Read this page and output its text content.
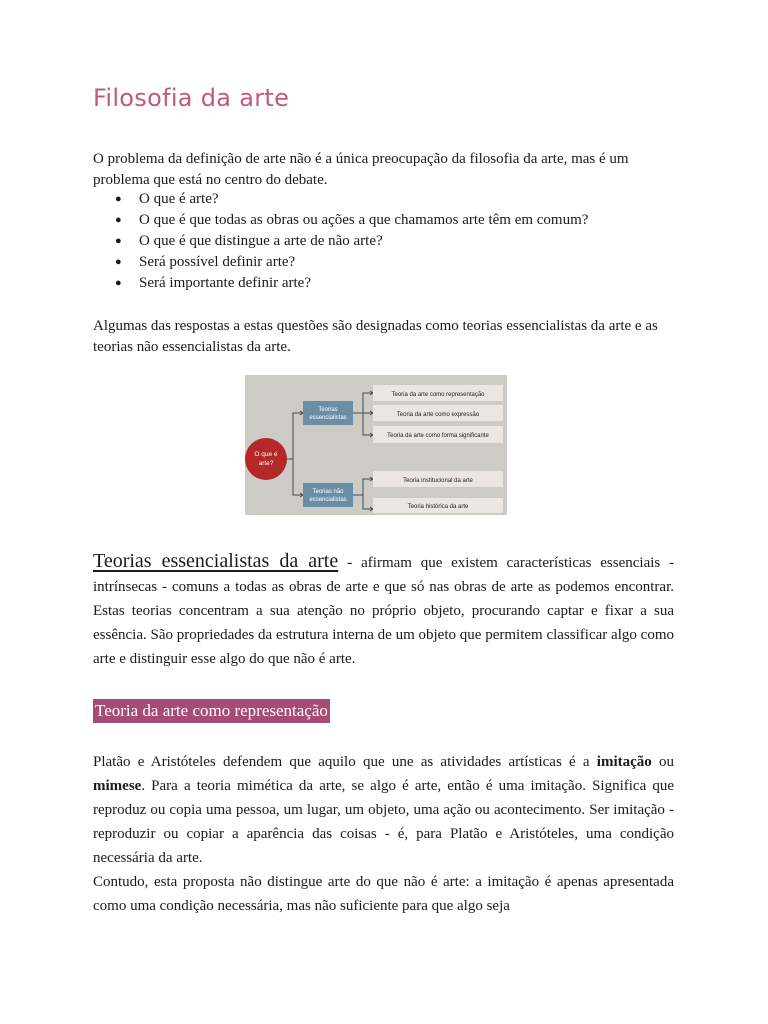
Filosofia da arte

O problema da definição de arte não é a única preocupação da filosofia da arte, mas é um problema que está no centro do debate.

● O que é arte?
● O que é que todas as obras ou ações a que chamamos arte têm em comum?
● O que é que distingue a arte de não arte?
● Será possível definir arte?
● Será importante definir arte?

Algumas das respostas a estas questões são designadas como teorias essencialistas da arte e as teorias não essencialistas da arte.

Teorias essencialistas da arte - afirmam que existem características essenciais - intrínsecas - comuns a todas as obras de arte e que só nas obras de arte as podemos encontrar. Estas teorias concentram a sua atenção no próprio objeto, procurando captar e fixar a sua essência. São propriedades da estrutura interna de um objeto que permitem classificar algo como arte e distinguir esse algo do que não é arte.

Teoria da arte como representação

Platão e Aristóteles defendem que aquilo que une as atividades artísticas é a imitação ou mimese. Para a teoria mimética da arte, se algo é arte, então é uma imitação. Significa que reproduz ou copia uma pessoa, um lugar, um objeto, uma ação ou acontecimento. Ser imitação - reproduzir ou copiar a aparência das coisas - é, para Platão e Aristóteles, uma condição necessária da arte.

Contudo, esta proposta não distingue arte do que não é arte: a imitação é apenas apresentada como uma condição necessária, mas não suficiente para que algo seja

O que é
arte?
Teorias
essencialistas
Teorias não
essencialistas
Teoria da arte como representação
Teoria da arte como expressão
Teoria da arte como forma significante
Teoria institucional da arte
Teoria histórica da arte
